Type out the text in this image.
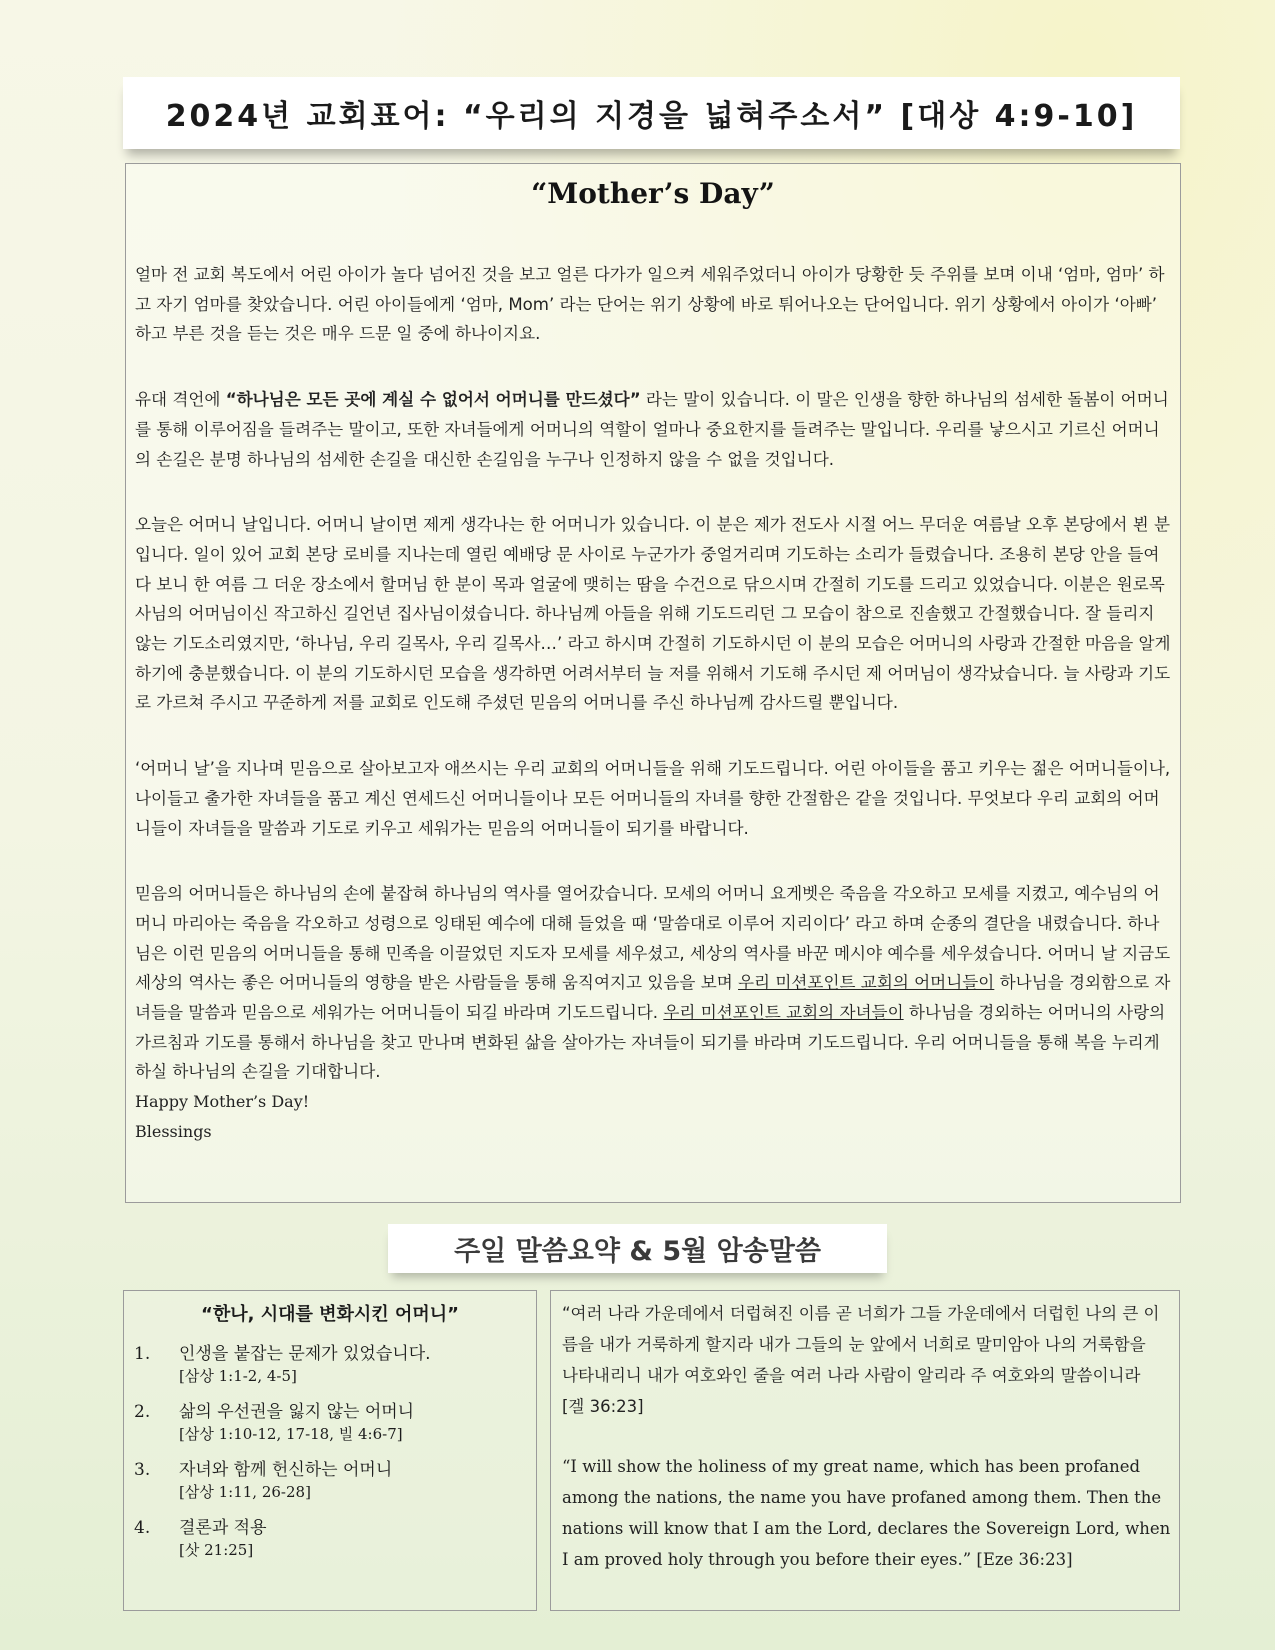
2024년 교회표어: “우리의 지경을 넓혀주소서” [대상 4:9-10]
“Mother’s Day”

얼마 전 교회 복도에서 어린 아이가 놀다 넘어진 것을 보고 얼른 다가가 일으켜 세워주었더니 아이가 당황한 듯 주위를 보며 이내 ‘엄마, 엄마’ 하고 자기 엄마를 찾았습니다. 어린 아이들에게 ‘엄마, Mom’ 라는 단어는 위기 상황에 바로 튀어나오는 단어입니다. 위기 상황에서 아이가 ‘아빠’ 하고 부른 것을 듣는 것은 매우 드문 일 중에 하나이지요.

유대 격언에 “하나님은 모든 곳에 계실 수 없어서 어머니를 만드셨다” 라는 말이 있습니다. 이 말은 인생을 향한 하나님의 섬세한 돌봄이 어머니를 통해 이루어짐을 들려주는 말이고, 또한 자녀들에게 어머니의 역할이 얼마나 중요한지를 들려주는 말입니다. 우리를 낳으시고 기르신 어머니의 손길은 분명 하나님의 섬세한 손길을 대신한 손길임을 누구나 인정하지 않을 수 없을 것입니다.

오늘은 어머니 날입니다. 어머니 날이면 제게 생각나는 한 어머니가 있습니다. 이 분은 제가 전도사 시절 어느 무더운 여름날 오후 본당에서 뵌 분입니다. 일이 있어 교회 본당 로비를 지나는데 열린 예배당 문 사이로 누군가가 중얼거리며 기도하는 소리가 들렸습니다. 조용히 본당 안을 들여다 보니 한 여름 그 더운 장소에서 할머님 한 분이 목과 얼굴에 맺히는 땀을 수건으로 닦으시며 간절히 기도를 드리고 있었습니다. 이분은 원로목사님의 어머님이신 작고하신 길언년 집사님이셨습니다. 하나님께 아들을 위해 기도드리던 그 모습이 참으로 진솔했고 간절했습니다. 잘 들리지 않는 기도소리였지만, ‘하나님, 우리 길목사, 우리 길목사…’ 라고 하시며 간절히 기도하시던 이 분의 모습은 어머니의 사랑과 간절한 마음을 알게 하기에 충분했습니다. 이 분의 기도하시던 모습을 생각하면 어려서부터 늘 저를 위해서 기도해 주시던 제 어머님이 생각났습니다. 늘 사랑과 기도로 가르쳐 주시고 꾸준하게 저를 교회로 인도해 주셨던 믿음의 어머니를 주신 하나님께 감사드릴 뿐입니다.

‘어머니 날’을 지나며 믿음으로 살아보고자 애쓰시는 우리 교회의 어머니들을 위해 기도드립니다. 어린 아이들을 품고 키우는 젊은 어머니들이나, 나이들고 출가한 자녀들을 품고 계신 연세드신 어머니들이나 모든 어머니들의 자녀를 향한 간절함은 같을 것입니다. 무엇보다 우리 교회의 어머니들이 자녀들을 말씀과 기도로 키우고 세워가는 믿음의 어머니들이 되기를 바랍니다.

믿음의 어머니들은 하나님의 손에 붙잡혀 하나님의 역사를 열어갔습니다. 모세의 어머니 요게벳은 죽음을 각오하고 모세를 지켰고, 예수님의 어머니 마리아는 죽음을 각오하고 성령으로 잉태된 예수에 대해 들었을 때 ‘말씀대로 이루어 지리이다’ 라고 하며 순종의 결단을 내렸습니다. 하나님은 이런 믿음의 어머니들을 통해 민족을 이끌었던 지도자 모세를 세우셨고, 세상의 역사를 바꾼 메시야 예수를 세우셨습니다. 어머니 날 지금도 세상의 역사는 좋은 어머니들의 영향을 받은 사람들을 통해 움직여지고 있음을 보며 우리 미션포인트 교회의 어머니들이 하나님을 경외함으로 자녀들을 말씀과 믿음으로 세워가는 어머니들이 되길 바라며 기도드립니다. 우리 미션포인트 교회의 자녀들이 하나님을 경외하는 어머니의 사랑의 가르침과 기도를 통해서 하나님을 찾고 만나며 변화된 삶을 살아가는 자녀들이 되기를 바라며 기도드립니다. 우리 어머니들을 통해 복을 누리게 하실 하나님의 손길을 기대합니다.

Happy Mother’s Day!
Blessings
주일 말씀요약 & 5월 암송말씀
“한나, 시대를 변화시킨 어머니”
1. 인생을 붙잡는 문제가 있었습니다.
[삼상 1:1-2, 4-5]
2. 삶의 우선권을 잃지 않는 어머니
[삼상 1:10-12, 17-18, 빌 4:6-7]
3. 자녀와 함께 헌신하는 어머니
[삼상 1:11, 26-28]
4. 결론과 적용
[삿 21:25]
“여러 나라 가운데에서 더럽혀진 이름 곧 너희가 그들 가운데에서 더럽힌 나의 큰 이름을 내가 거룩하게 할지라 내가 그들의 눈 앞에서 너희로 말미암아 나의 거룩함을 나타내리니 내가 여호와인 줄을 여러 나라 사람이 알리라 주 여호와의 말씀이니라 [겔 36:23]
“I will show the holiness of my great name, which has been profaned among the nations, the name you have profaned among them. Then the nations will know that I am the Lord, declares the Sovereign Lord, when I am proved holy through you before their eyes.” [Eze 36:23]
